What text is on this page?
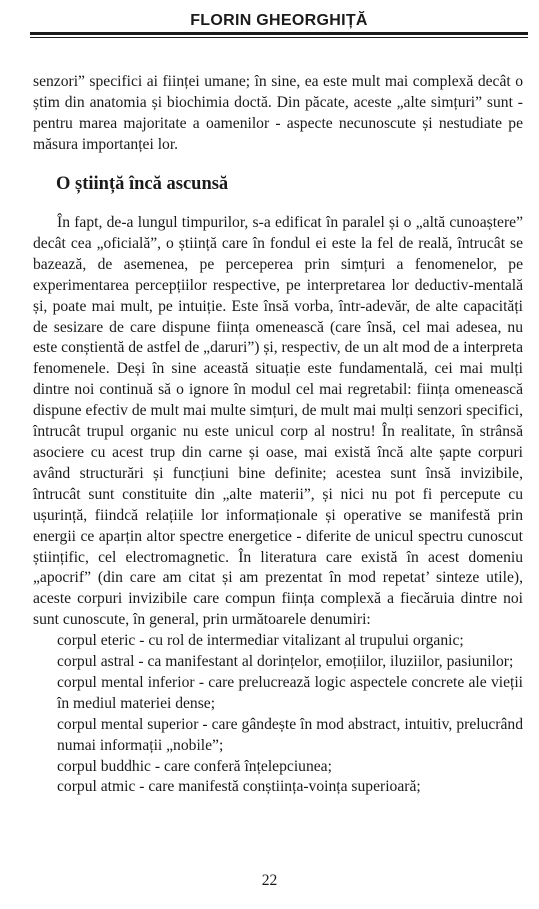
FLORIN GHEORGHIȚĂ

senzori” specifici ai ființei umane; în sine, ea este mult mai complexă decât o știm din anatomia și biochimia doctă. Din păcate, aceste „alte simțuri” sunt - pentru marea majoritate a oamenilor - aspecte necunoscute și nestudiate pe măsura importanței lor.

O știință încă ascunsă

În fapt, de-a lungul timpurilor, s-a edificat în paralel și o „altă cunoaștere” decât cea „oficială”, o știință care în fondul ei este la fel de reală, întrucât se bazează, de asemenea, pe perceperea prin simțuri a fenomenelor, pe experimentarea percepțiilor respective, pe interpretarea lor deductiv-mentală și, poate mai mult, pe intuiție. Este însă vorba, într-adevăr, de alte capacități de sesizare de care dispune ființa omenească (care însă, cel mai adesea, nu este conștientă de astfel de „daruri”) și, respectiv, de un alt mod de a interpreta fenomenele. Deși în sine această situație este fundamentală, cei mai mulți dintre noi continuă să o ignore în modul cel mai regretabil: ființa omenească dispune efectiv de mult mai multe simțuri, de mult mai mulți senzori specifici, întrucât trupul organic nu este unicul corp al nostru! În realitate, în strânsă asociere cu acest trup din carne și oase, mai există încă alte șapte corpuri având structurări și funcțiuni bine definite; acestea sunt însă invizibile, întrucât sunt constituite din „alte materii”, și nici nu pot fi percepute cu ușurință, fiindcă relațiile lor informaționale și operative se manifestă prin energii ce aparțin altor spectre energetice - diferite de unicul spectru cunoscut științific, cel electromagnetic. În literatura care există în acest domeniu „apocrif” (din care am citat și am prezentat în mod repetat’ sinteze utile), aceste corpuri invizibile care compun ființa complexă a fiecăruia dintre noi sunt cunoscute, în general, prin următoarele denumiri:

corpul eteric - cu rol de intermediar vitalizant al trupului organic;
corpul astral - ca manifestant al dorințelor, emoțiilor, iluziilor, pasiunilor;
corpul mental inferior - care prelucrează logic aspectele concrete ale vieții în mediul materiei dense;
corpul mental superior - care gândește în mod abstract, intuitiv, prelucrând numai informații „nobile”;
corpul buddhic - care conferă înțelepciunea;
corpul atmic - care manifestă conștiința-voința superioară;
22
